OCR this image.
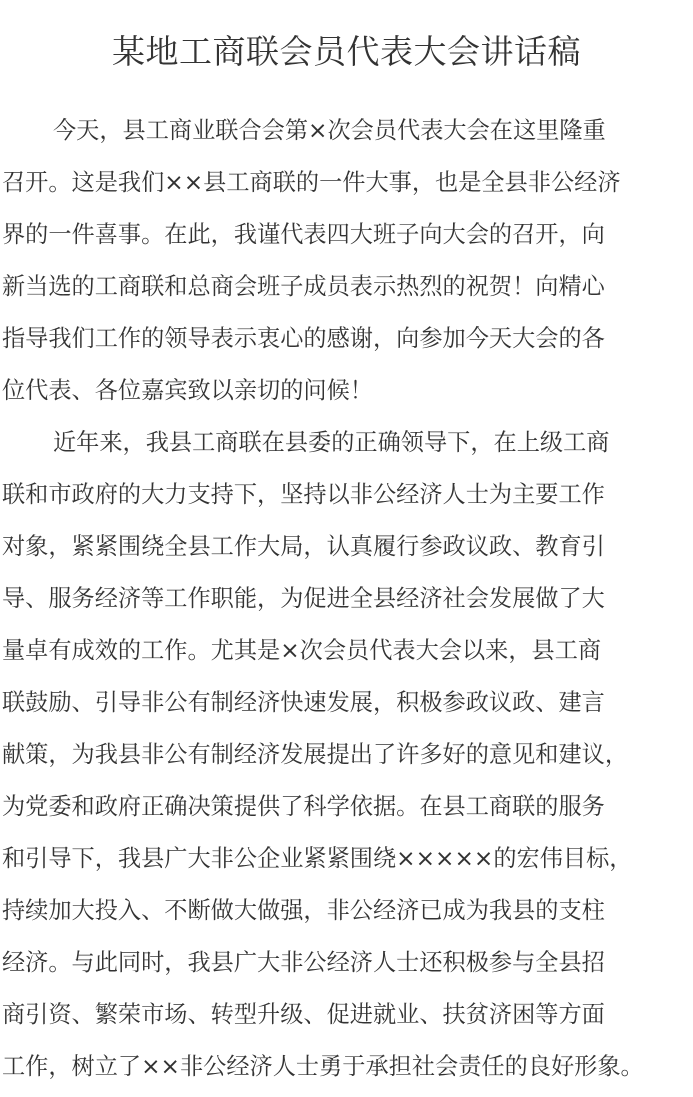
某地工商联会员代表大会讲话稿
今天，县工商业联合会第×次会员代表大会在这里隆重
召开。这是我们××县工商联的一件大事，也是全县非公经济
界的一件喜事。在此，我谨代表四大班子向大会的召开，向
新当选的工商联和总商会班子成员表示热烈的祝贺！向精心
指导我们工作的领导表示衷心的感谢，向参加今天大会的各
位代表、各位嘉宾致以亲切的问候！
近年来，我县工商联在县委的正确领导下，在上级工商
联和市政府的大力支持下，坚持以非公经济人士为主要工作
对象，紧紧围绕全县工作大局，认真履行参政议政、教育引
导、服务经济等工作职能，为促进全县经济社会发展做了大
量卓有成效的工作。尤其是×次会员代表大会以来，县工商
联鼓励、引导非公有制经济快速发展，积极参政议政、建言
献策，为我县非公有制经济发展提出了许多好的意见和建议，
为党委和政府正确决策提供了科学依据。在县工商联的服务
和引导下，我县广大非公企业紧紧围绕×××××的宏伟目标，
持续加大投入、不断做大做强，非公经济已成为我县的支柱
经济。与此同时，我县广大非公经济人士还积极参与全县招
商引资、繁荣市场、转型升级、促进就业、扶贫济困等方面
工作，树立了××非公经济人士勇于承担社会责任的良好形象。
